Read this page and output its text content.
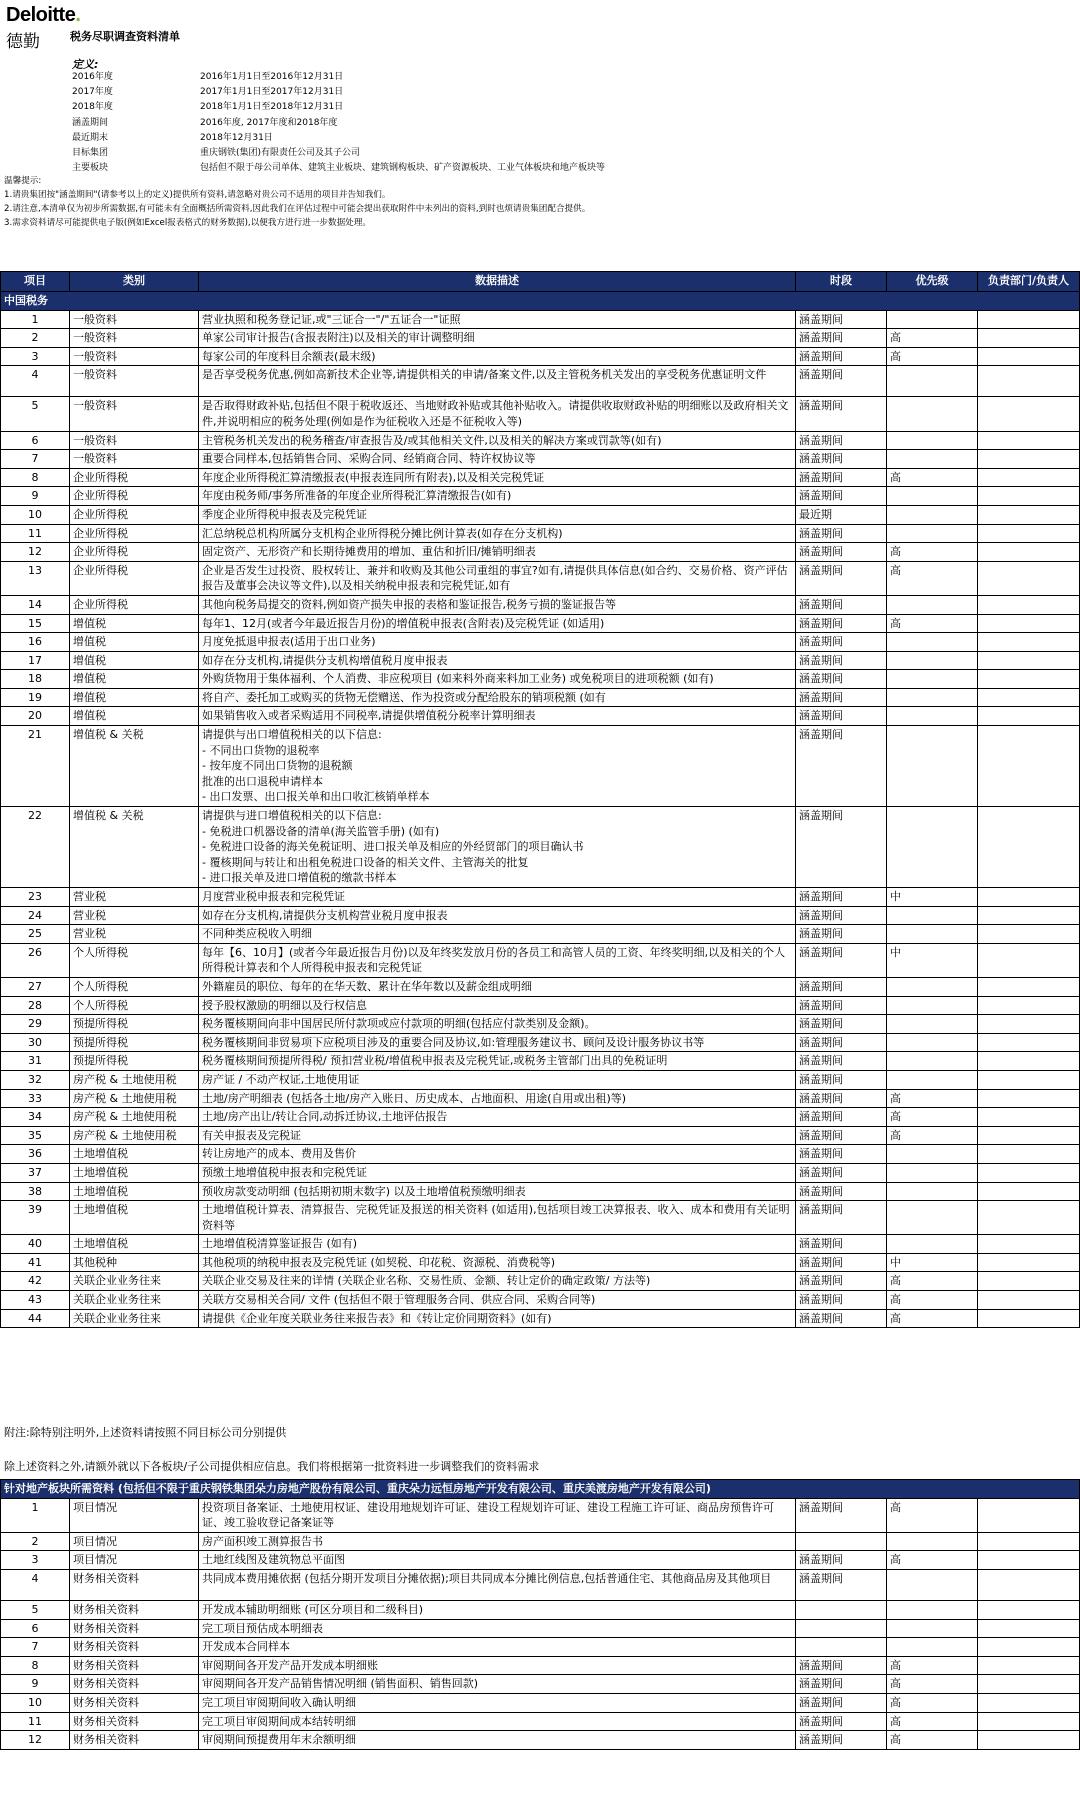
Deloitte.
德勤	税务尽职调查资料清单
定义:
2016年度	2016年1月1日至2016年12月31日
2017年度	2017年1月1日至2017年12月31日
2018年度	2018年1月1日至2018年12月31日
涵盖期间	2016年度, 2017年度和2018年度
最近期末	2018年12月31日
目标集团	重庆钢铁(集团)有限责任公司及其子公司
主要板块	包括但不限于母公司单体、建筑主业板块、建筑钢构板块、矿产资源板块、工业气体板块和地产板块等
温馨提示:
1.请贵集团按"涵盖期间"(请参考以上的定义)提供所有资料,请忽略对贵公司不适用的项目并告知我们。
2.请注意,本清单仅为初步所需数据,有可能未有全面概括所需资料,因此我们在评估过程中可能会提出获取附件中未列出的资料,到时也烦请贵集团配合提供。
3.需求资料请尽可能提供电子版(例如Excel报表格式的财务数据),以便我方进行进一步数据处理。
项目	类别	数据描述	时段	优先级	负责部门/负责人
中国税务					
1	一般资料	营业执照和税务登记证,或"三证合一"/"五证合一"证照	涵盖期间		
2	一般资料	单家公司审计报告(含报表附注)以及相关的审计调整明细	涵盖期间	高	
3	一般资料	每家公司的年度科目余额表(最末级)	涵盖期间	高	
4	一般资料	是否享受税务优惠,例如高新技术企业等,请提供相关的申请/备案文件,以及主管税务机关发出的享受税务优惠证明文件	涵盖期间		
5	一般资料	是否取得财政补贴,包括但不限于税收返还、当地财政补贴或其他补贴收入。请提供收取财政补贴的明细账以及政府相关文件,并说明相应的税务处理(例如是作为征税收入还是不征税收入等)	涵盖期间		
6	一般资料	主管税务机关发出的税务稽查/审查报告及/或其他相关文件,以及相关的解决方案或罚款等(如有)	涵盖期间		
7	一般资料	重要合同样本,包括销售合同、采购合同、经销商合同、特许权协议等	涵盖期间		
8	企业所得税	年度企业所得税汇算清缴报表(申报表连同所有附表),以及相关完税凭证	涵盖期间	高	
9	企业所得税	年度由税务师/事务所准备的年度企业所得税汇算清缴报告(如有)	涵盖期间		
10	企业所得税	季度企业所得税申报表及完税凭证	最近期		
11	企业所得税	汇总纳税总机构所属分支机构企业所得税分摊比例计算表(如存在分支机构)	涵盖期间		
12	企业所得税	固定资产、无形资产和长期待摊费用的增加、重估和折旧/摊销明细表	涵盖期间	高	
13	企业所得税	企业是否发生过投资、股权转让、兼并和收购及其他公司重组的事宜?如有,请提供具体信息(如合约、交易价格、资产评估报告及董事会决议等文件),以及相关纳税申报表和完税凭证,如有	涵盖期间	高	
14	企业所得税	其他向税务局提交的资料,例如资产损失申报的表格和鉴证报告,税务亏损的鉴证报告等	涵盖期间		
15	增值税	每年1、12月(或者今年最近报告月份)的增值税申报表(含附表)及完税凭证 (如适用)	涵盖期间	高	
16	增值税	月度免抵退申报表(适用于出口业务)	涵盖期间		
17	增值税	如存在分支机构,请提供分支机构增值税月度申报表	涵盖期间		
18	增值税	外购货物用于集体福利、个人消费、非应税项目 (如来料外商来料加工业务) 或免税项目的进项税额 (如有)	涵盖期间		
19	增值税	将自产、委托加工或购买的货物无偿赠送、作为投资或分配给股东的销项税额 (如有	涵盖期间		
20	增值税	如果销售收入或者采购适用不同税率,请提供增值税分税率计算明细表	涵盖期间		
21	增值税 & 关税	请提供与出口增值税相关的以下信息:
- 不同出口货物的退税率
- 按年度不同出口货物的退税额
批准的出口退税申请样本
- 出口发票、出口报关单和出口收汇核销单样本	涵盖期间		
22	增值税 & 关税	请提供与进口增值税相关的以下信息:
- 免税进口机器设备的清单(海关监管手册) (如有)
- 免税进口设备的海关免税证明、进口报关单及相应的外经贸部门的项目确认书
- 覆核期间与转让和出租免税进口设备的相关文件、主管海关的批复
- 进口报关单及进口增值税的缴款书样本	涵盖期间		
23	营业税	月度营业税申报表和完税凭证	涵盖期间	中	
24	营业税	如存在分支机构,请提供分支机构营业税月度申报表	涵盖期间		
25	营业税	不同种类应税收入明细	涵盖期间		
26	个人所得税	每年【6、10月】(或者今年最近报告月份)以及年终奖发放月份的各员工和高管人员的工资、年终奖明细,以及相关的个人所得税计算表和个人所得税申报表和完税凭证	涵盖期间	中	
27	个人所得税	外籍雇员的职位、每年的在华天数、累计在华年数以及薪金组成明细	涵盖期间		
28	个人所得税	授予股权激励的明细以及行权信息	涵盖期间		
29	预提所得税	税务覆核期间向非中国居民所付款项或应付款项的明细(包括应付款类别及金额)。	涵盖期间		
30	预提所得税	税务覆核期间非贸易项下应税项目涉及的重要合同及协议,如:管理服务建议书、顾问及设计服务协议书等	涵盖期间		
31	预提所得税	税务覆核期间预提所得税/ 预扣营业税/增值税申报表及完税凭证,或税务主管部门出具的免税证明	涵盖期间		
32	房产税 & 土地使用税	房产证 / 不动产权证,土地使用证	涵盖期间		
33	房产税 & 土地使用税	土地/房产明细表 (包括各土地/房产入账日、历史成本、占地面积、用途(自用或出租)等)	涵盖期间	高	
34	房产税 & 土地使用税	土地/房产出让/转让合同,动拆迁协议,土地评估报告	涵盖期间	高	
35	房产税 & 土地使用税	有关申报表及完税证	涵盖期间	高	
36	土地增值税	转让房地产的成本、费用及售价	涵盖期间		
37	土地增值税	预缴土地增值税申报表和完税凭证	涵盖期间		
38	土地增值税	预收房款变动明细 (包括期初期末数字) 以及土地增值税预缴明细表	涵盖期间		
39	土地增值税	土地增值税计算表、清算报告、完税凭证及报送的相关资料 (如适用),包括项目竣工决算报表、收入、成本和费用有关证明资料等	涵盖期间		
40	土地增值税	土地增值税清算鉴证报告 (如有)	涵盖期间		
41	其他税种	其他税项的纳税申报表及完税凭证 (如契税、印花税、资源税、消费税等)	涵盖期间	中	
42	关联企业业务往来	关联企业交易及往来的详情 (关联企业名称、交易性质、金额、转让定价的确定政策/ 方法等)	涵盖期间	高	
43	关联企业业务往来	关联方交易相关合同/ 文件 (包括但不限于管理服务合同、供应合同、采购合同等)	涵盖期间	高	
44	关联企业业务往来	请提供《企业年度关联业务往来报告表》和《转让定价同期资料》(如有)	涵盖期间	高	
附注:除特别注明外,上述资料请按照不同目标公司分别提供
除上述资料之外,请额外就以下各板块/子公司提供相应信息。我们将根据第一批资料进一步调整我们的资料需求
针对地产板块所需资料 (包括但不限于重庆钢铁集团朵力房地产股份有限公司、重庆朵力远恒房地产开发有限公司、重庆美渡房地产开发有限公司)					
1	项目情况	投资项目备案证、土地使用权证、建设用地规划许可证、建设工程规划许可证、建设工程施工许可证、商品房预售许可证、竣工验收登记备案证等	涵盖期间	高	
2	项目情况	房产面积竣工测算报告书			
3	项目情况	土地红线图及建筑物总平面图	涵盖期间	高	
4	财务相关资料	共同成本费用摊依据 (包括分期开发项目分摊依据);项目共同成本分摊比例信息,包括普通住宅、其他商品房及其他项目	涵盖期间		
5	财务相关资料	开发成本辅助明细账 (可区分项目和二级科目)			
6	财务相关资料	完工项目预估成本明细表			
7	财务相关资料	开发成本合同样本			
8	财务相关资料	审阅期间各开发产品开发成本明细账	涵盖期间	高	
9	财务相关资料	审阅期间各开发产品销售情况明细 (销售面积、销售回款)	涵盖期间	高	
10	财务相关资料	完工项目审阅期间收入确认明细	涵盖期间	高	
11	财务相关资料	完工项目审阅期间成本结转明细	涵盖期间	高	
12	财务相关资料	审阅期间预提费用年末余额明细	涵盖期间	高	
